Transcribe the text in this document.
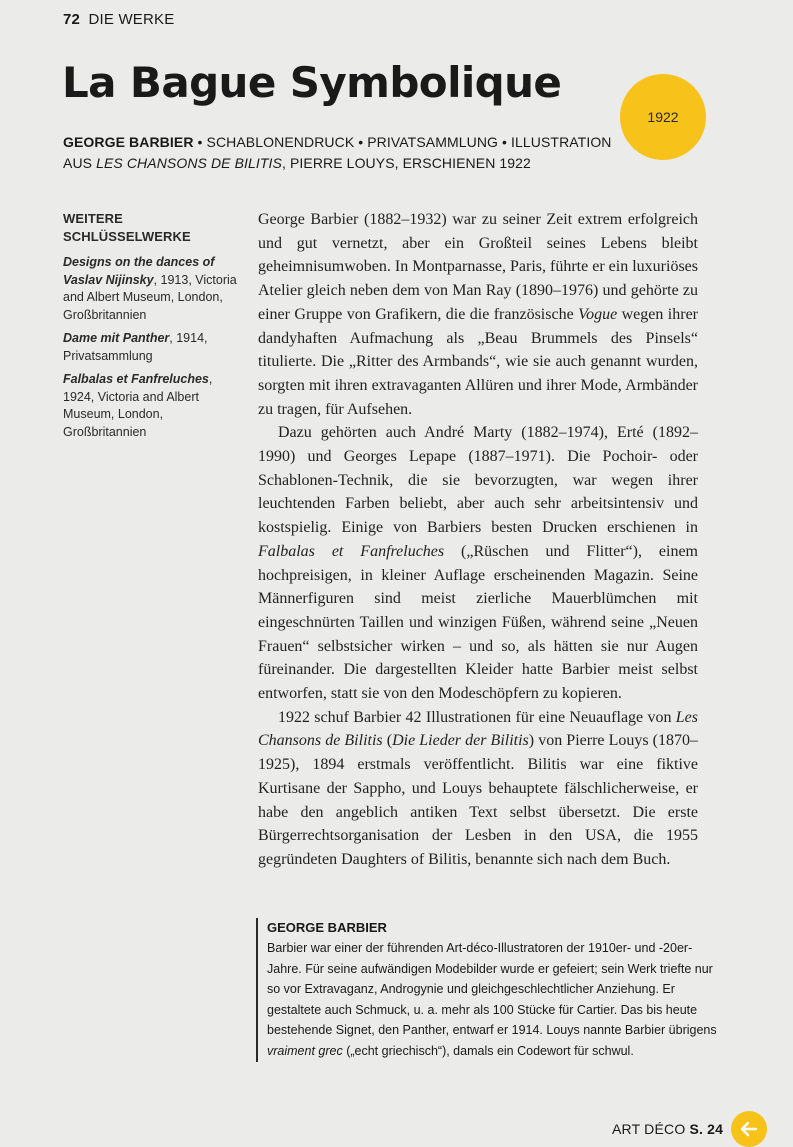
72 DIE WERKE
La Bague Symbolique
1922
GEORGE BARBIER • SCHABLONENDRUCK • PRIVATSAMMLUNG • ILLUSTRATION AUS LES CHANSONS DE BILITIS, PIERRE LOUYS, ERSCHIENEN 1922
WEITERE SCHLÜSSELWERKE

Designs on the dances of Vaslav Nijinsky, 1913, Victoria and Albert Museum, London, Großbritannien

Dame mit Panther, 1914, Privatsammlung

Falbalas et Fanfreluches, 1924, Victoria and Albert Museum, London, Großbritannien

George Barbier (1882–1932) war zu seiner Zeit extrem erfolgreich und gut vernetzt, aber ein Großteil seines Lebens bleibt geheimnisumwoben. In Montparnasse, Paris, führte er ein luxuriöses Atelier gleich neben dem von Man Ray (1890–1976) und gehörte zu einer Gruppe von Grafikern, die die französische Vogue wegen ihrer dandyhaften Aufmachung als „Beau Brummels des Pinsels“ titulierte. Die „Ritter des Armbands“, wie sie auch genannt wurden, sorgten mit ihren extravaganten Allüren und ihrer Mode, Armbänder zu tragen, für Aufsehen.

Dazu gehörten auch André Marty (1882–1974), Erté (1892–1990) und Georges Lepape (1887–1971). Die Pochoir- oder Schablonen-Technik, die sie bevorzugten, war wegen ihrer leuchtenden Farben beliebt, aber auch sehr arbeitsintensiv und kostspielig. Einige von Barbiers besten Drucken erschienen in Falbalas et Fanfreluches („Rüschen und Flitter“), einem hochpreisigen, in kleiner Auflage erscheinenden Magazin. Seine Männerfiguren sind meist zierliche Mauerblümchen mit eingeschnürten Taillen und winzigen Füßen, während seine „Neuen Frauen“ selbstsicher wirken – und so, als hätten sie nur Augen füreinander. Die dargestellten Kleider hatte Barbier meist selbst entworfen, statt sie von den Modeschöpfern zu kopieren.

1922 schuf Barbier 42 Illustrationen für eine Neuauflage von Les Chansons de Bilitis (Die Lieder der Bilitis) von Pierre Louys (1870–1925), 1894 erstmals veröffentlicht. Bilitis war eine fiktive Kurtisane der Sappho, und Louys behauptete fälschlicherweise, er habe den angeblich antiken Text selbst übersetzt. Die erste Bürgerrechtsorganisation der Lesben in den USA, die 1955 gegründeten Daughters of Bilitis, benannte sich nach dem Buch.

GEORGE BARBIER

Barbier war einer der führenden Art-déco-Illustratoren der 1910er- und -20er-Jahre. Für seine aufwändigen Modebilder wurde er gefeiert; sein Werk triefte nur so vor Extravaganz, Androgynie und gleichgeschlechtlicher Anziehung. Er gestaltete auch Schmuck, u. a. mehr als 100 Stücke für Cartier. Das bis heute bestehende Signet, den Panther, entwarf er 1914. Louys nannte Barbier übrigens vraiment grec („echt griechisch“), damals ein Codewort für schwul.

ART DÉCO S. 24
